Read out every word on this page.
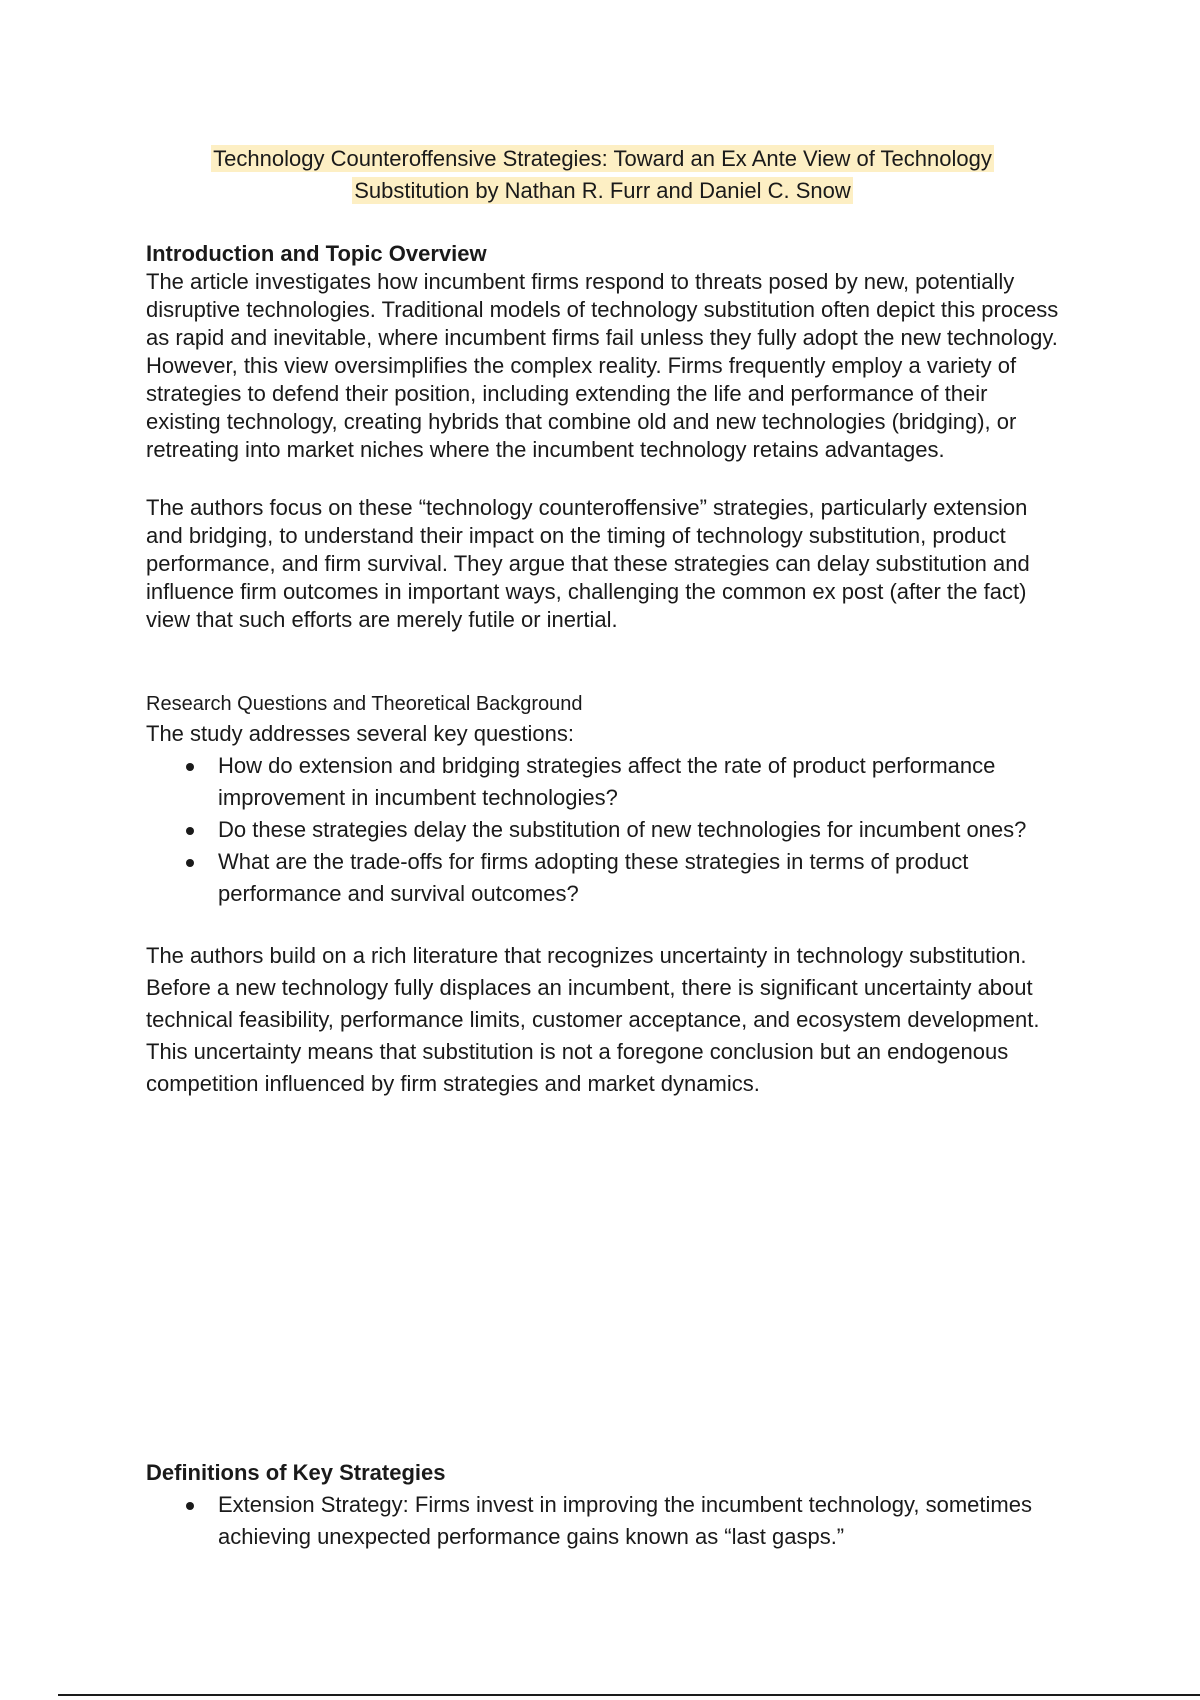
Technology Counteroffensive Strategies: Toward an Ex Ante View of Technology
Substitution by Nathan R. Furr and Daniel C. Snow
Introduction and Topic Overview
The article investigates how incumbent firms respond to threats posed by new, potentially disruptive technologies. Traditional models of technology substitution often depict this process as rapid and inevitable, where incumbent firms fail unless they fully adopt the new technology. However, this view oversimplifies the complex reality. Firms frequently employ a variety of strategies to defend their position, including extending the life and performance of their existing technology, creating hybrids that combine old and new technologies (bridging), or retreating into market niches where the incumbent technology retains advantages.
The authors focus on these “technology counteroffensive” strategies, particularly extension and bridging, to understand their impact on the timing of technology substitution, product performance, and firm survival. They argue that these strategies can delay substitution and influence firm outcomes in important ways, challenging the common ex post (after the fact) view that such efforts are merely futile or inertial.
Research Questions and Theoretical Background
The study addresses several key questions:
How do extension and bridging strategies affect the rate of product performance improvement in incumbent technologies?
Do these strategies delay the substitution of new technologies for incumbent ones?
What are the trade-offs for firms adopting these strategies in terms of product performance and survival outcomes?
The authors build on a rich literature that recognizes uncertainty in technology substitution. Before a new technology fully displaces an incumbent, there is significant uncertainty about technical feasibility, performance limits, customer acceptance, and ecosystem development. This uncertainty means that substitution is not a foregone conclusion but an endogenous competition influenced by firm strategies and market dynamics.
Definitions of Key Strategies
Extension Strategy: Firms invest in improving the incumbent technology, sometimes achieving unexpected performance gains known as “last gasps.”
